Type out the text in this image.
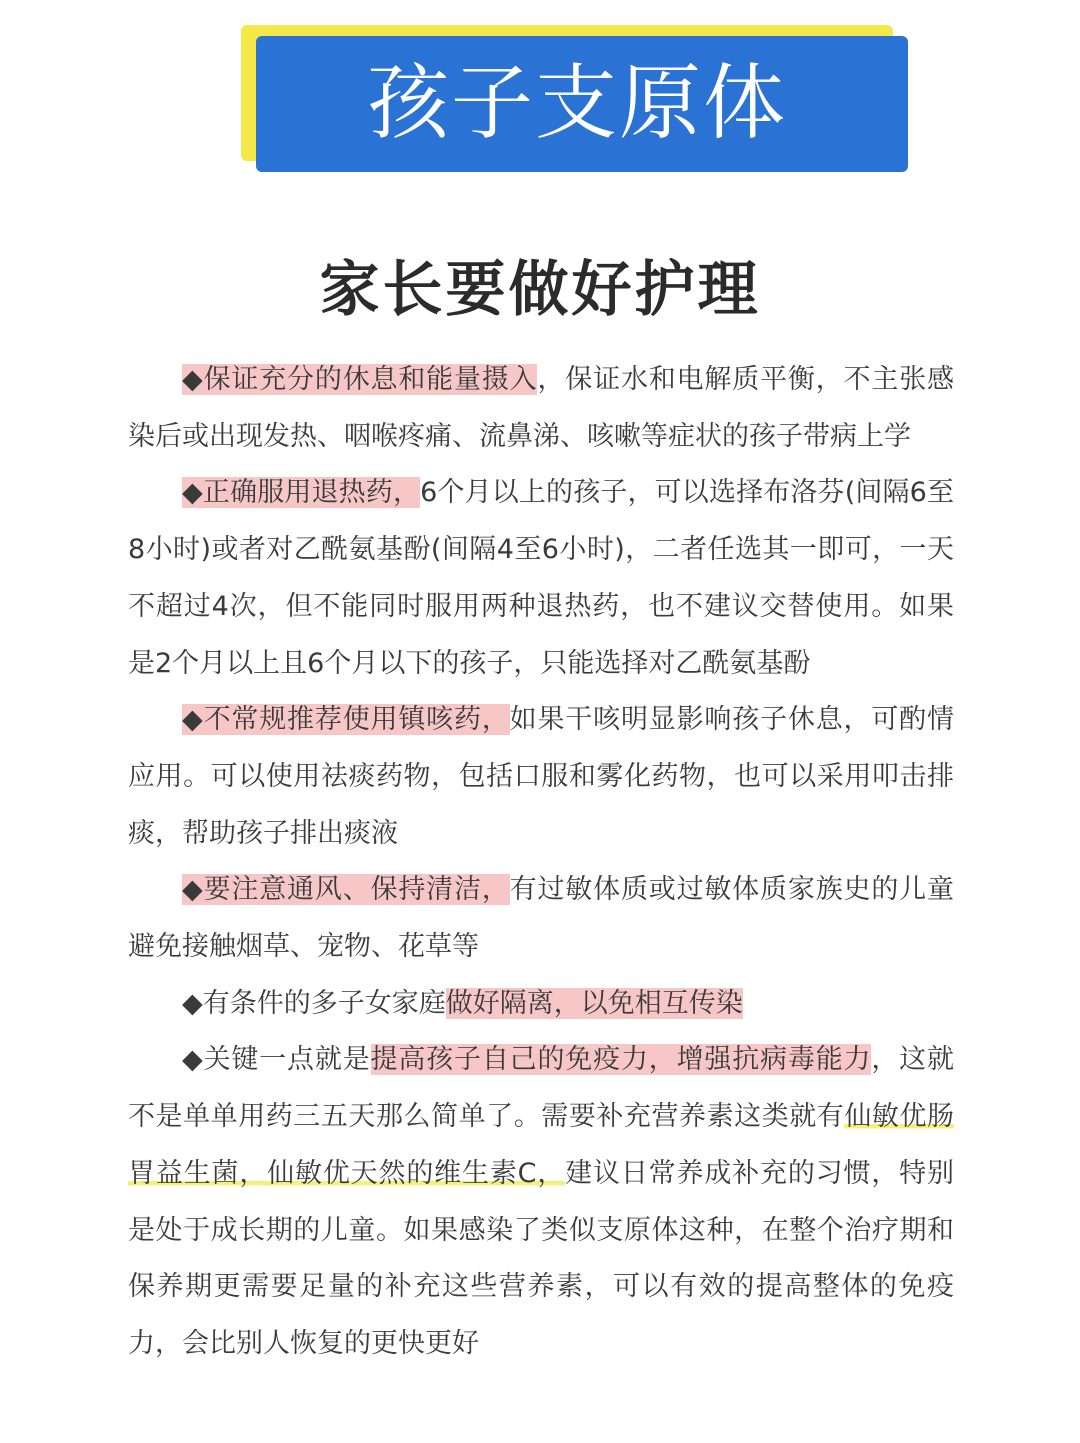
孩子支原体
家长要做好护理

◆保证充分的休息和能量摄入，保证水和电解质平衡，不主张感染后或出现发热、咽喉疼痛、流鼻涕、咳嗽等症状的孩子带病上学

◆正确服用退热药，6个月以上的孩子，可以选择布洛芬(间隔6至8小时)或者对乙酰氨基酚(间隔4至6小时)，二者任选其一即可，一天不超过4次，但不能同时服用两种退热药，也不建议交替使用。如果是2个月以上且6个月以下的孩子，只能选择对乙酰氨基酚

◆不常规推荐使用镇咳药，如果干咳明显影响孩子休息，可酌情应用。可以使用祛痰药物，包括口服和雾化药物，也可以采用叩击排痰，帮助孩子排出痰液

◆要注意通风、保持清洁，有过敏体质或过敏体质家族史的儿童避免接触烟草、宠物、花草等

◆有条件的多子女家庭做好隔离，以免相互传染

◆关键一点就是提高孩子自己的免疫力，增强抗病毒能力，这就不是单单用药三五天那么简单了。需要补充营养素这类就有仙敏优肠胃益生菌，仙敏优天然的维生素C，建议日常养成补充的习惯，特别是处于成长期的儿童。如果感染了类似支原体这种，在整个治疗期和保养期更需要足量的补充这些营养素，可以有效的提高整体的免疫力，会比别人恢复的更快更好
